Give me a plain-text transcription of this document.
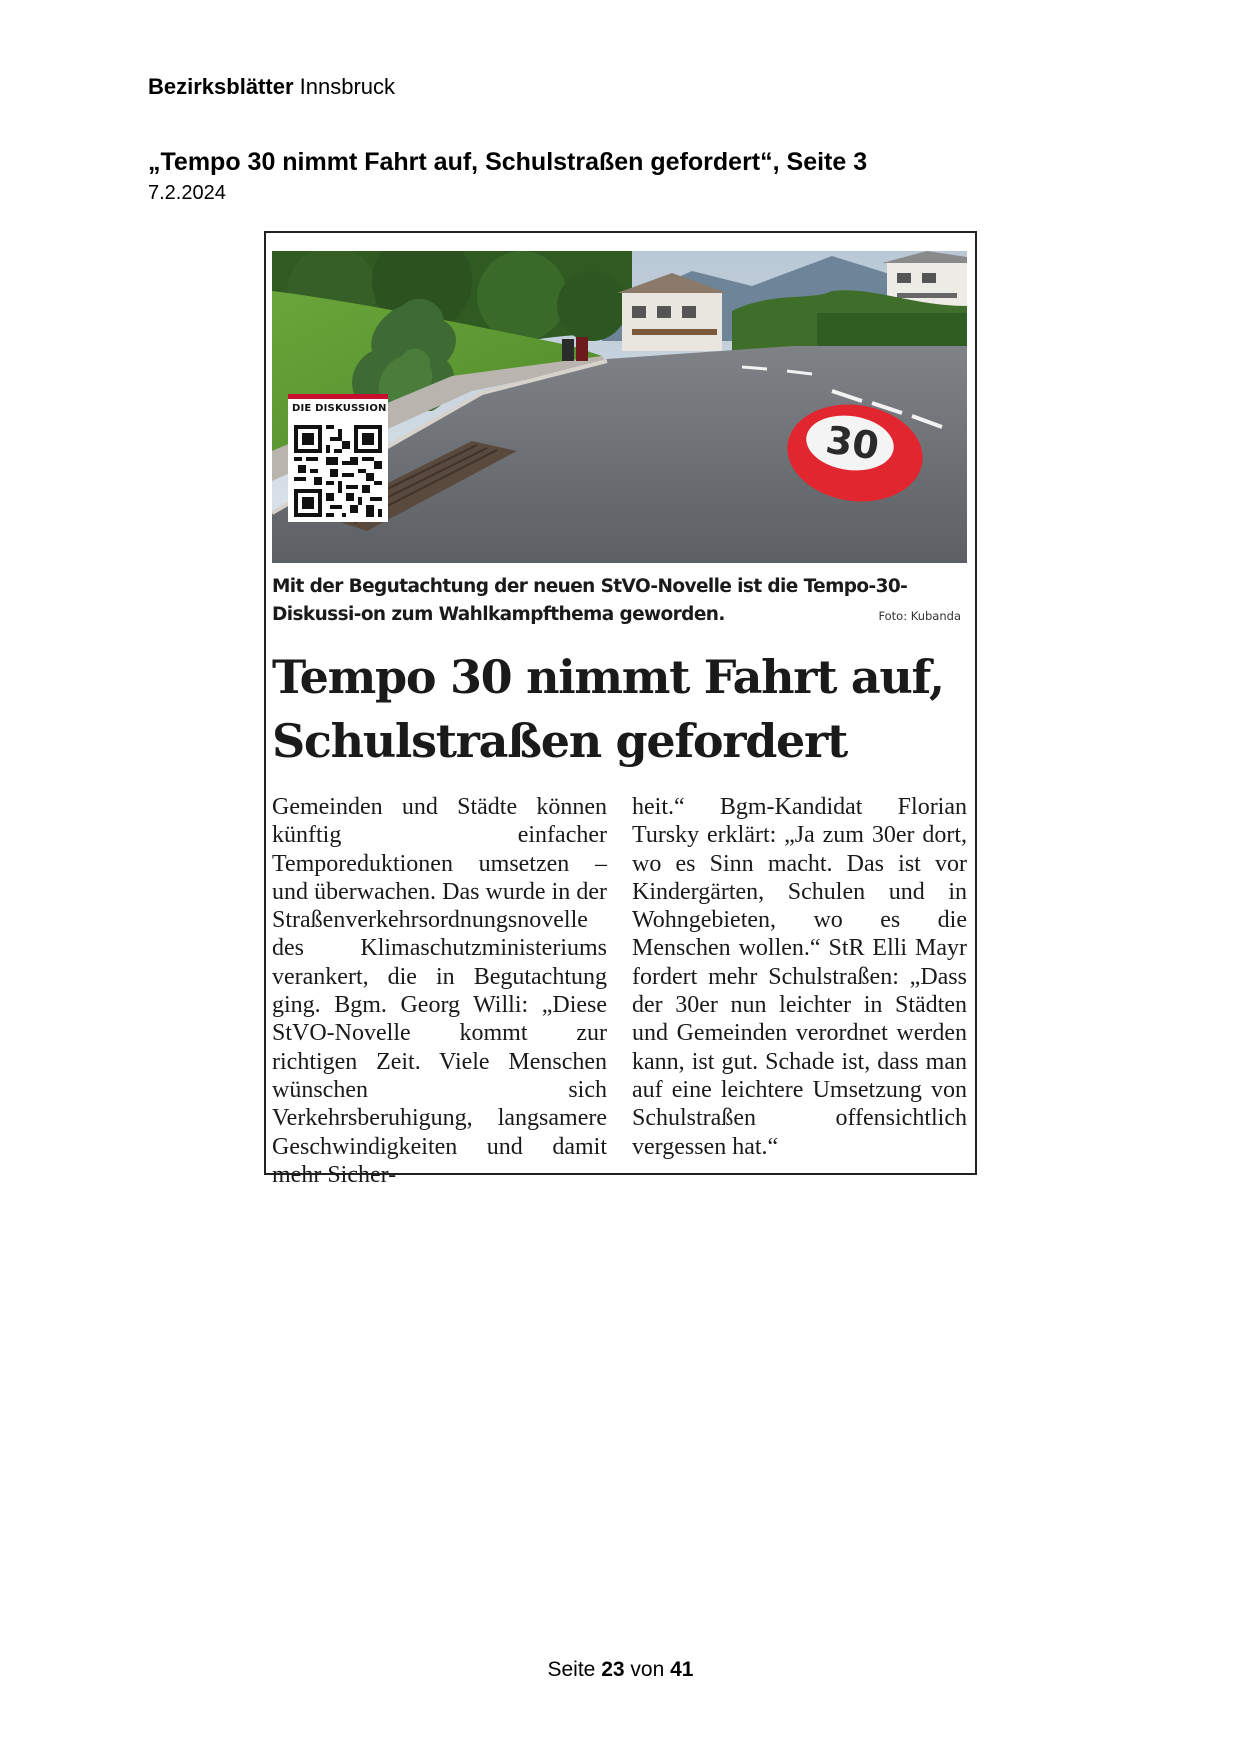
Bezirksblätter Innsbruck
„Tempo 30 nimmt Fahrt auf, Schulstraßen gefordert“, Seite 3
7.2.2024
30
DIE DISKUSSION
Mit der Begutachtung der neuen StVO-Novelle ist die Tempo-30-Diskussi-on zum Wahlkampfthema geworden.	Foto: Kubanda
Tempo 30 nimmt Fahrt auf,
Schulstraßen gefordert
Gemeinden und Städte können künftig einfacher Temporeduktionen umsetzen – und überwachen. Das wurde in der Straßenverkehrsordnungsnovelle des Klimaschutzministeriums verankert, die in Begutachtung ging. Bgm. Georg Willi: „Diese StVO-Novelle kommt zur richtigen Zeit. Viele Menschen wünschen sich Verkehrsberuhigung, langsamere Geschwindigkeiten und damit mehr Sicher-
heit.“ Bgm-Kandidat Florian Tursky erklärt: „Ja zum 30er dort, wo es Sinn macht. Das ist vor Kindergärten, Schulen und in Wohngebieten, wo es die Menschen wollen.“ StR Elli Mayr fordert mehr Schulstraßen: „Dass der 30er nun leichter in Städten und Gemeinden verordnet werden kann, ist gut. Schade ist, dass man auf eine leichtere Umsetzung von Schulstraßen offensichtlich vergessen hat.“
Seite 23 von 41
